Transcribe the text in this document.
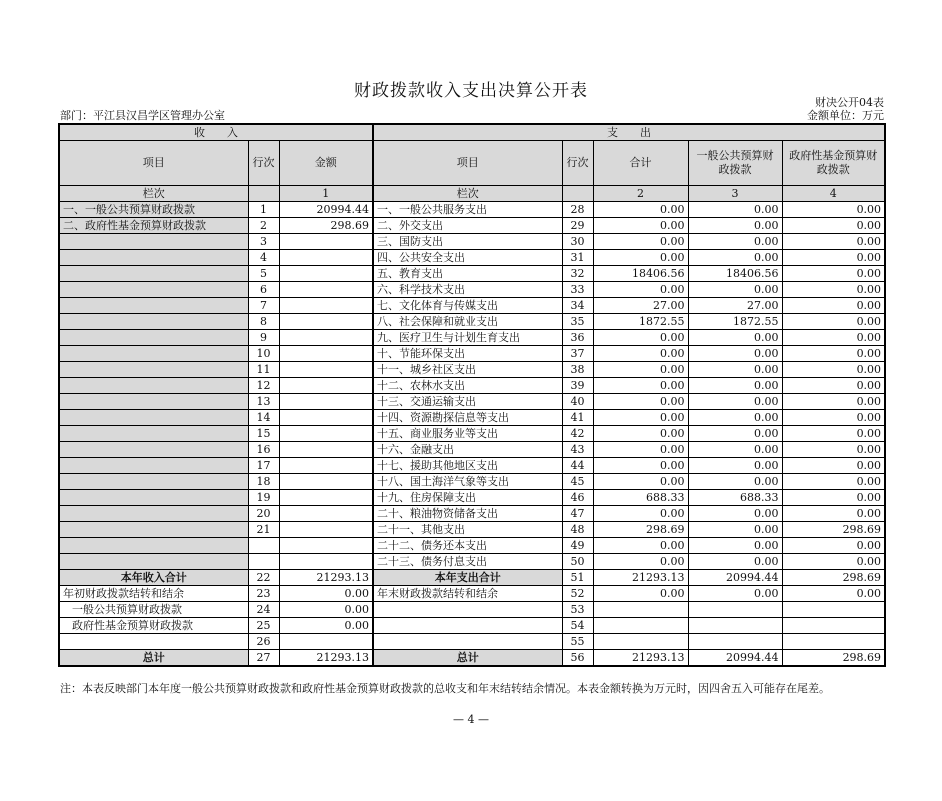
财政拨款收入支出决算公开表
财决公开04表
部门：平江县汉昌学区管理办公室	金额单位：万元
收　　入			支　　出				
项目	行次	金额	项目	行次	合计	一般公共预算财政拨款	政府性基金预算财政拨款
栏次		1	栏次		2	3	4
一、一般公共预算财政拨款	1	20994.44	一、一般公共服务支出	28	0.00	0.00	0.00
二、政府性基金预算财政拨款	2	298.69	二、外交支出	29	0.00	0.00	0.00
	3		三、国防支出	30	0.00	0.00	0.00
	4		四、公共安全支出	31	0.00	0.00	0.00
	5		五、教育支出	32	18406.56	18406.56	0.00
	6		六、科学技术支出	33	0.00	0.00	0.00
	7		七、文化体育与传媒支出	34	27.00	27.00	0.00
	8		八、社会保障和就业支出	35	1872.55	1872.55	0.00
	9		九、医疗卫生与计划生育支出	36	0.00	0.00	0.00
	10		十、节能环保支出	37	0.00	0.00	0.00
	11		十一、城乡社区支出	38	0.00	0.00	0.00
	12		十二、农林水支出	39	0.00	0.00	0.00
	13		十三、交通运输支出	40	0.00	0.00	0.00
	14		十四、资源勘探信息等支出	41	0.00	0.00	0.00
	15		十五、商业服务业等支出	42	0.00	0.00	0.00
	16		十六、金融支出	43	0.00	0.00	0.00
	17		十七、援助其他地区支出	44	0.00	0.00	0.00
	18		十八、国土海洋气象等支出	45	0.00	0.00	0.00
	19		十九、住房保障支出	46	688.33	688.33	0.00
	20		二十、粮油物资储备支出	47	0.00	0.00	0.00
	21		二十一、其他支出	48	298.69	0.00	298.69
			二十二、债务还本支出	49	0.00	0.00	0.00
			二十三、债务付息支出	50	0.00	0.00	0.00
本年收入合计	22	21293.13	本年支出合计	51	21293.13	20994.44	298.69
年初财政拨款结转和结余	23	0.00	年末财政拨款结转和结余	52	0.00	0.00	0.00
一般公共预算财政拨款	24	0.00		53			
政府性基金预算财政拨款	25	0.00		54			
	26			55			
总计	27	21293.13	总计	56	21293.13	20994.44	298.69
注：本表反映部门本年度一般公共预算财政拨款和政府性基金预算财政拨款的总收支和年末结转结余情况。本表金额转换为万元时，因四舍五入可能存在尾差。
— 4 —
